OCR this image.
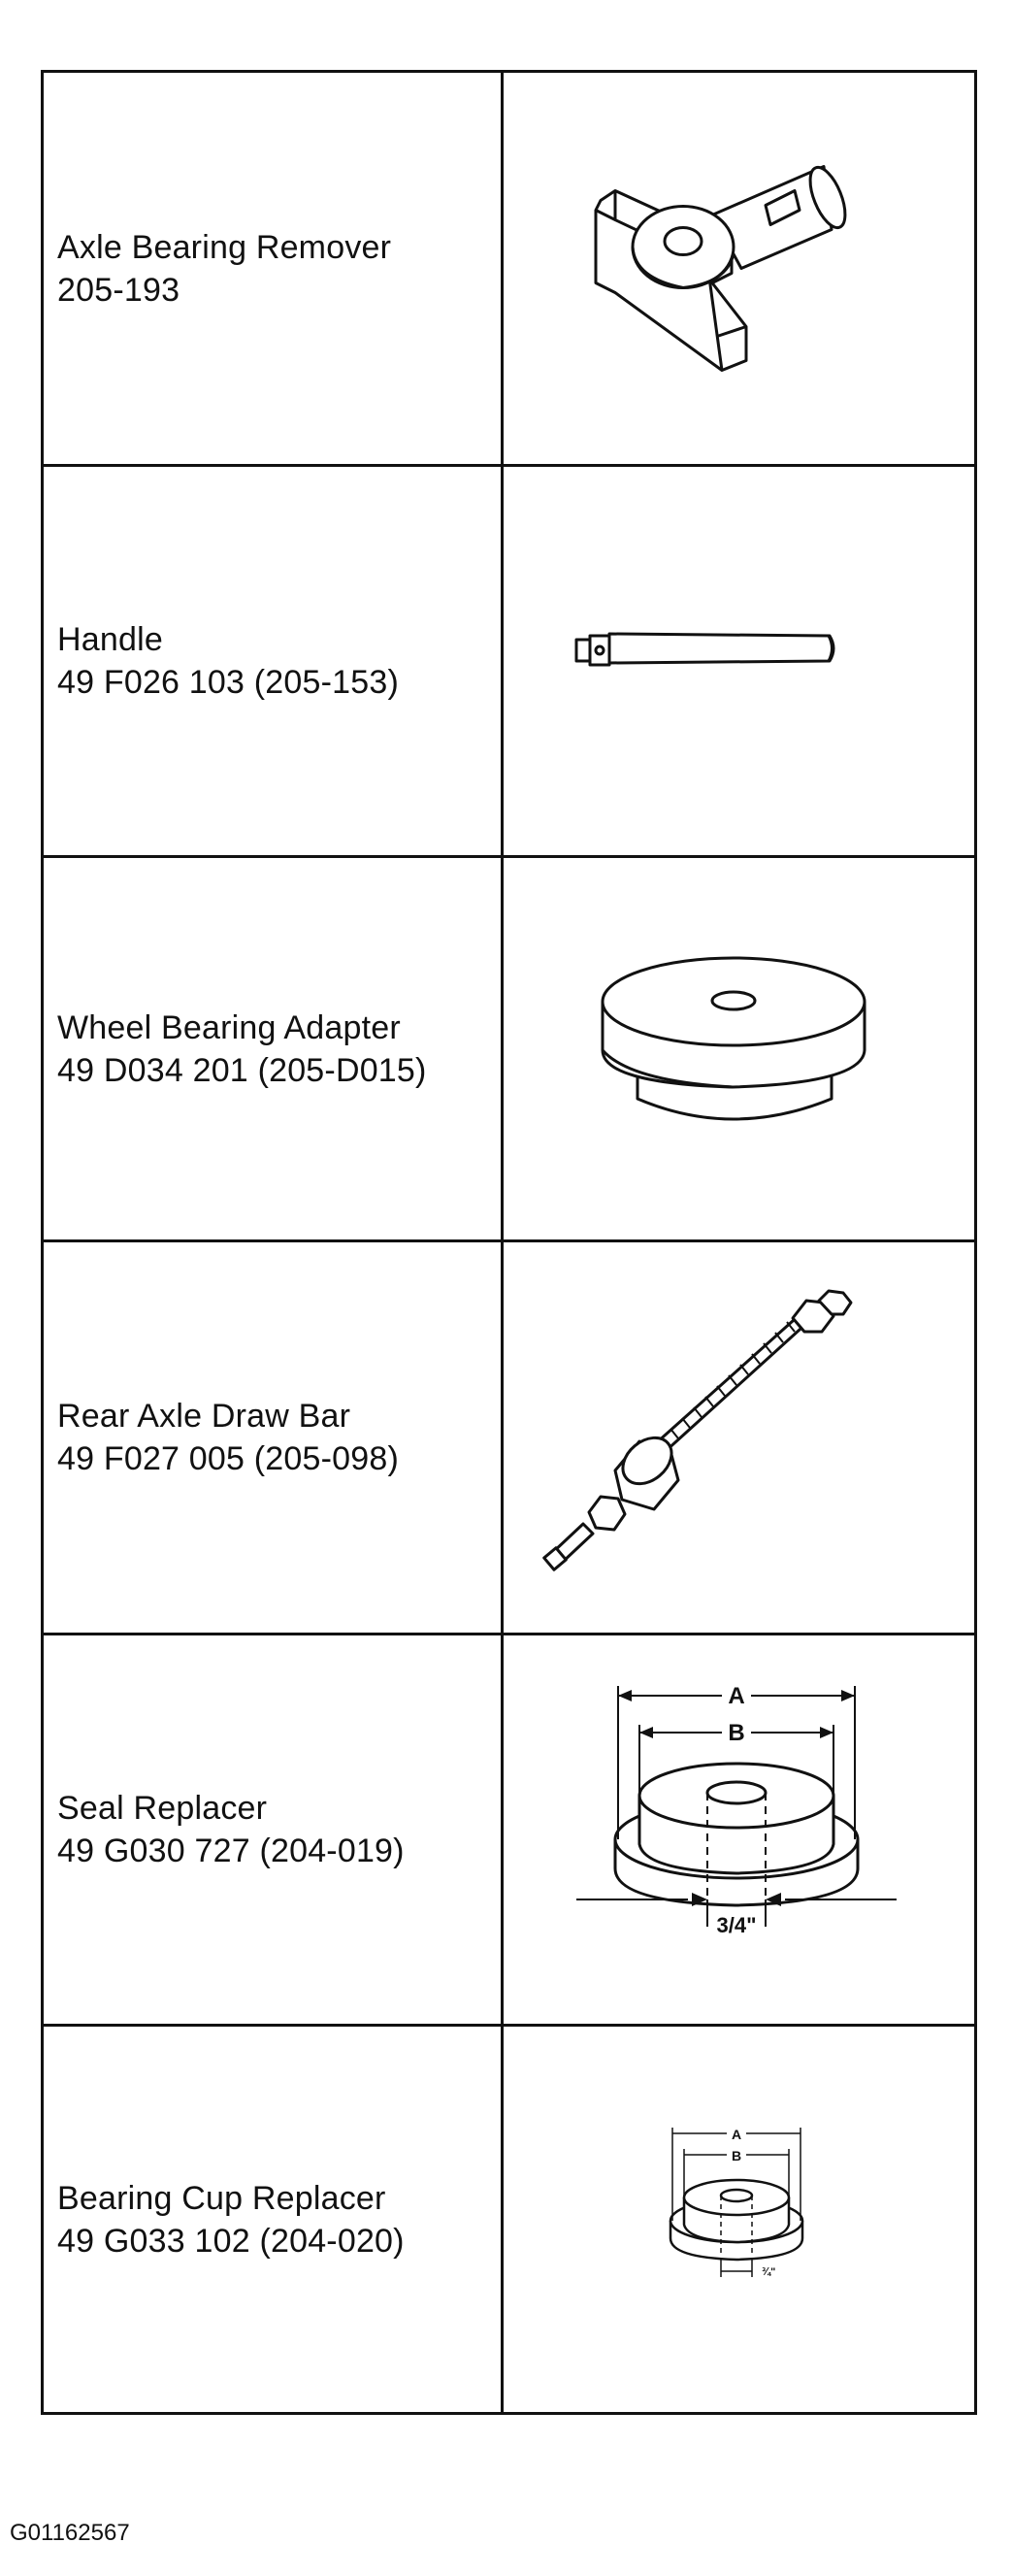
Axle Bearing Remover
205-193
Handle
49 F026 103 (205-153)
Wheel Bearing Adapter
49 D034 201 (205-D015)
Rear Axle Draw Bar
49 F027 005 (205-098)
Seal Replacer
49 G030 727 (204-019)
A
B
3/4"
Bearing Cup Replacer
49 G033 102 (204-020)
A
B
¾"
G01162567
